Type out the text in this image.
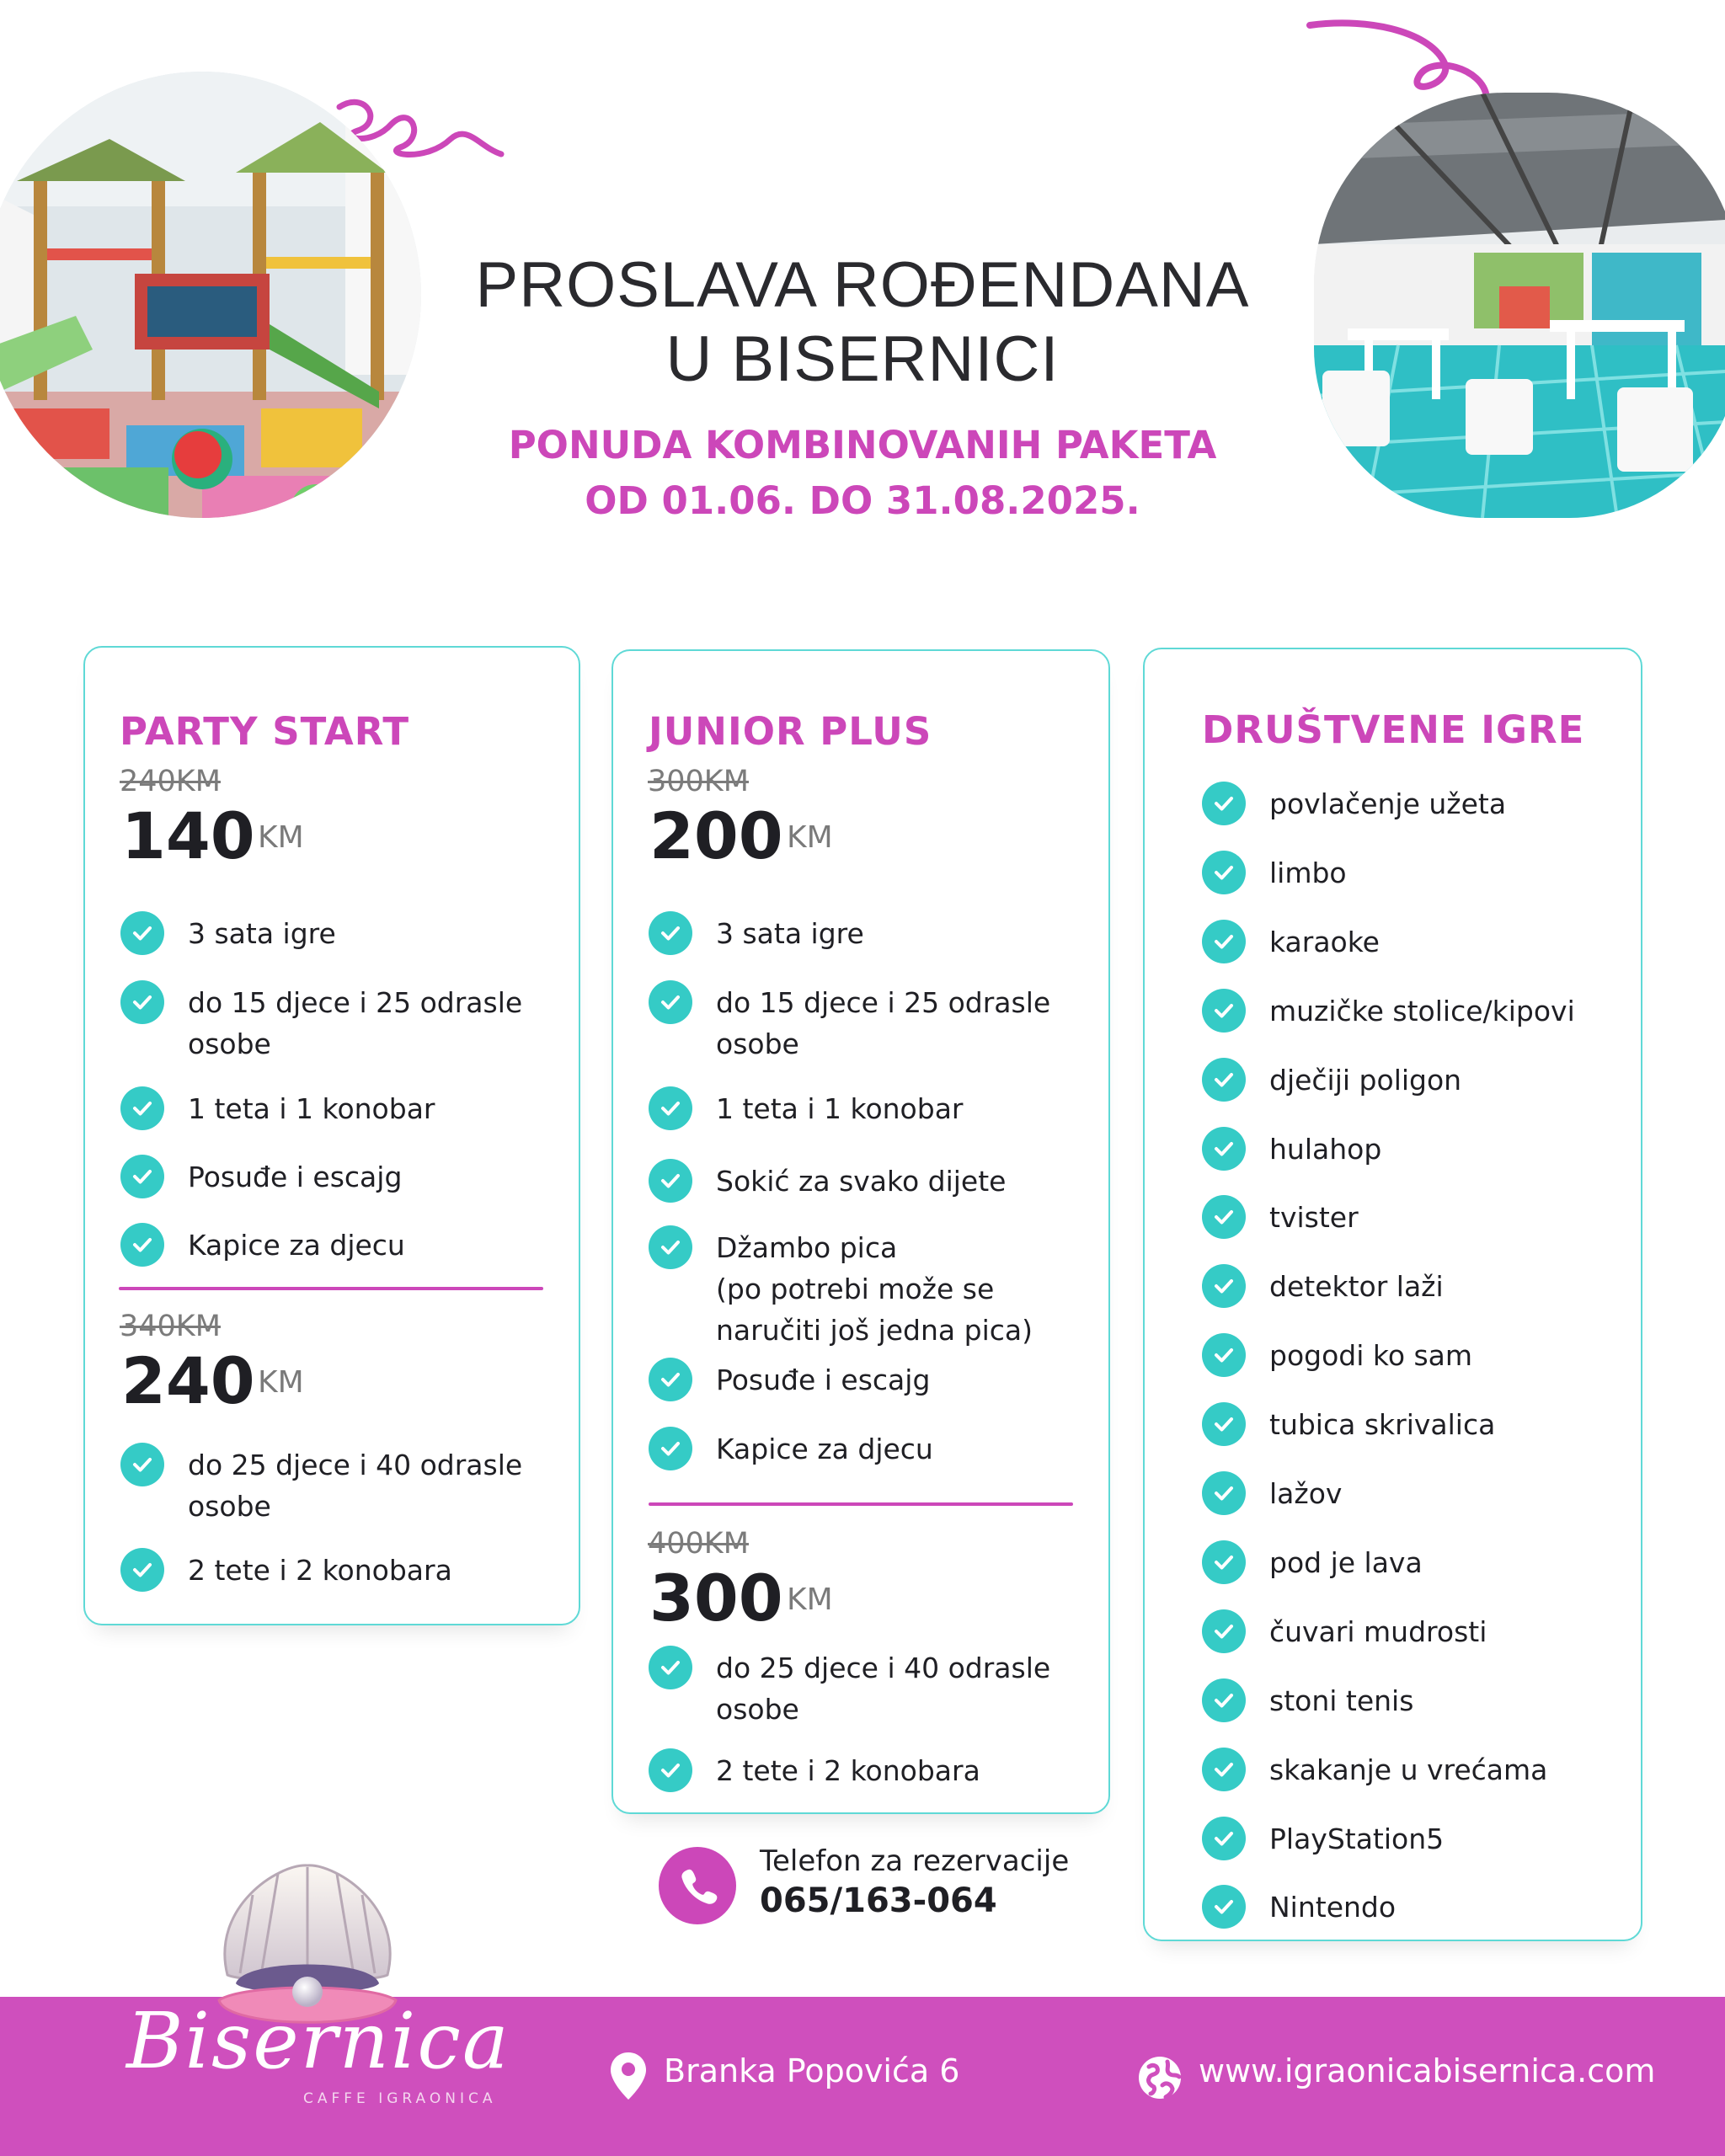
PROSLAVA ROĐENDANA
U BISERNICI
PONUDA KOMBINOVANIH PAKETA
OD 01.06. DO 31.08.2025.
PARTY START
240KM
140 KM
3 sata igre
do 15 djece i 25 odrasle
osobe
1 teta i 1 konobar
Posuđe i escajg
Kapice za djecu
340KM
240 KM
do 25 djece i 40 odrasle
osobe
2 tete i 2 konobara
JUNIOR PLUS
300KM
200 KM
3 sata igre
do 15 djece i 25 odrasle
osobe
1 teta i 1 konobar
Sokić za svako dijete
Džambo pica
(po potrebi može se
naručiti još jedna pica)
Posuđe i escajg
Kapice za djecu
400KM
300 KM
do 25 djece i 40 odrasle
osobe
2 tete i 2 konobara
DRUŠTVENE IGRE
povlačenje užeta
limbo
karaoke
muzičke stolice/kipovi
dječiji poligon
hulahop
tvister
detektor laži
pogodi ko sam
tubica skrivalica
lažov
pod je lava
čuvari mudrosti
stoni tenis
skakanje u vrećama
PlayStation5
Nintendo
Telefon za rezervacije
065/163-064
Bisernica
CAFFE IGRAONICA
Branka Popovića 6	www.igraonicabisernica.com
